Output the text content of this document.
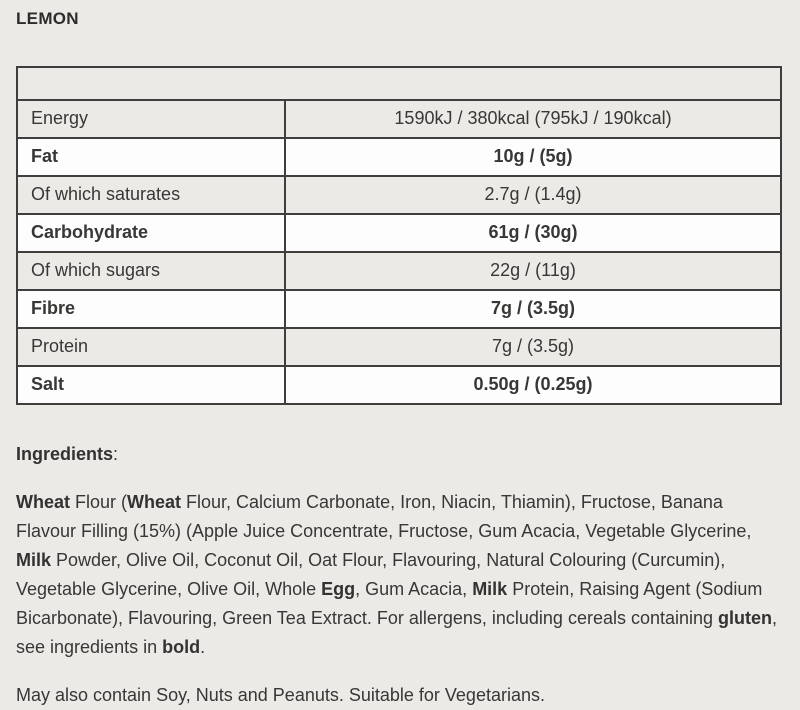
LEMON
Energy	1590kJ / 380kcal (795kJ / 190kcal)
Fat	10g / (5g)
Of which saturates	2.7g / (1.4g)
Carbohydrate	61g / (30g)
Of which sugars	22g / (11g)
Fibre	7g / (3.5g)
Protein	7g / (3.5g)
Salt	0.50g / (0.25g)
Ingredients:
Wheat Flour (Wheat Flour, Calcium Carbonate, Iron, Niacin, Thiamin), Fructose, Banana Flavour Filling (15%) (Apple Juice Concentrate, Fructose, Gum Acacia, Vegetable Glycerine, Milk Powder, Olive Oil, Coconut Oil, Oat Flour, Flavouring, Natural Colouring (Curcumin), Vegetable Glycerine, Olive Oil, Whole Egg, Gum Acacia, Milk Protein, Raising Agent (Sodium Bicarbonate), Flavouring, Green Tea Extract. For allergens, including cereals containing gluten, see ingredients in bold.
May also contain Soy, Nuts and Peanuts. Suitable for Vegetarians.
